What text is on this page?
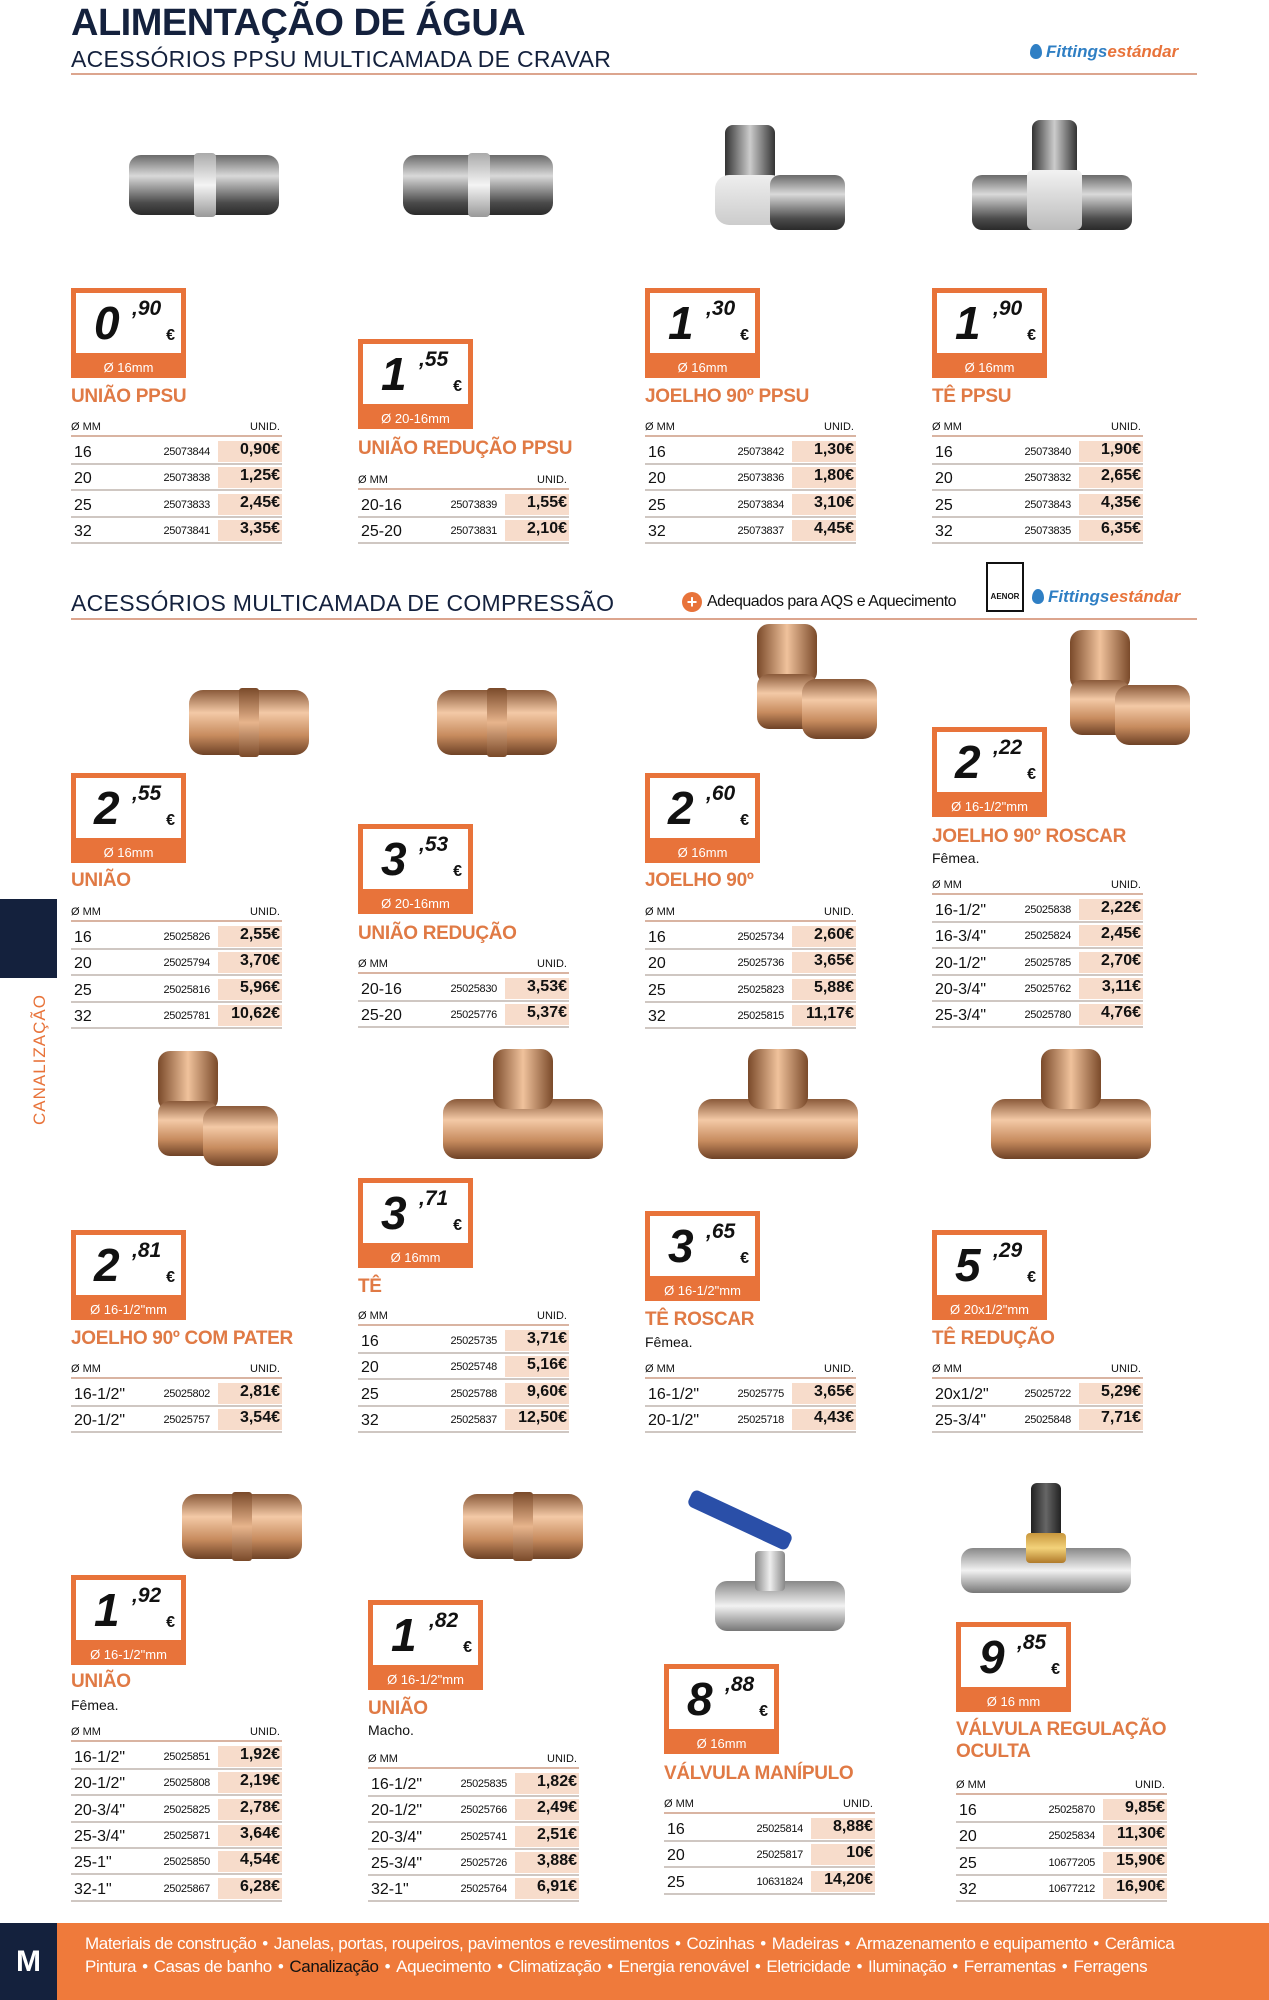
ALIMENTAÇÃO DE ÁGUA
ACESSÓRIOS PPSU MULTICAMADA DE CRAVAR	Fittingsestándar
ACESSÓRIOS MULTICAMADA DE COMPRESSÃO	+ Adequados para AQS e Aquecimento	AENOR	Fittingsestándar
CANALIZAÇÃO
0 ,90
€
Ø 16mm
UNIÃO PPSU
Ø MM	UNID.
16	25073844	0,90€
20	25073838	1,25€
25	25073833	2,45€
32	25073841	3,35€
1 ,55
€
Ø 20-16mm
UNIÃO REDUÇÃO PPSU
Ø MM	UNID.
20-16	25073839	1,55€
25-20	25073831	2,10€
1 ,30
€
Ø 16mm
JOELHO 90º PPSU
Ø MM	UNID.
16	25073842	1,30€
20	25073836	1,80€
25	25073834	3,10€
32	25073837	4,45€
1 ,90
€
Ø 16mm
TÊ PPSU
Ø MM	UNID.
16	25073840	1,90€
20	25073832	2,65€
25	25073843	4,35€
32	25073835	6,35€
2 ,55
€
Ø 16mm
UNIÃO
Ø MM	UNID.
16	25025826	2,55€
20	25025794	3,70€
25	25025816	5,96€
32	25025781	10,62€
3 ,53
€
Ø 20-16mm
UNIÃO REDUÇÃO
Ø MM	UNID.
20-16	25025830	3,53€
25-20	25025776	5,37€
2 ,60
€
Ø 16mm
JOELHO 90º
Ø MM	UNID.
16	25025734	2,60€
20	25025736	3,65€
25	25025823	5,88€
32	25025815	11,17€
2 ,22
€
Ø 16-1/2"mm
JOELHO 90º ROSCAR
Fêmea.
Ø MM	UNID.
16-1/2"	25025838	2,22€
16-3/4"	25025824	2,45€
20-1/2"	25025785	2,70€
20-3/4"	25025762	3,11€
25-3/4"	25025780	4,76€
2 ,81
€
Ø 16-1/2"mm
JOELHO 90º COM PATER
Ø MM	UNID.
16-1/2"	25025802	2,81€
20-1/2"	25025757	3,54€
3 ,71
€
Ø 16mm
TÊ
Ø MM	UNID.
16	25025735	3,71€
20	25025748	5,16€
25	25025788	9,60€
32	25025837	12,50€
3 ,65
€
Ø 16-1/2"mm
TÊ ROSCAR
Fêmea.
Ø MM	UNID.
16-1/2"	25025775	3,65€
20-1/2"	25025718	4,43€
5 ,29
€
Ø 20x1/2"mm
TÊ REDUÇÃO
Ø MM	UNID.
20x1/2"	25025722	5,29€
25-3/4"	25025848	7,71€
1 ,92
€
Ø 16-1/2"mm
UNIÃO
Fêmea.
Ø MM	UNID.
16-1/2"	25025851	1,92€
20-1/2"	25025808	2,19€
20-3/4"	25025825	2,78€
25-3/4"	25025871	3,64€
25-1"	25025850	4,54€
32-1"	25025867	6,28€
1 ,82
€
Ø 16-1/2"mm
UNIÃO
Macho.
Ø MM	UNID.
16-1/2"	25025835	1,82€
20-1/2"	25025766	2,49€
20-3/4"	25025741	2,51€
25-3/4"	25025726	3,88€
32-1"	25025764	6,91€
8 ,88
€
Ø 16mm
VÁLVULA MANÍPULO
Ø MM	UNID.
16	25025814	8,88€
20	25025817	10€
25	10631824	14,20€
9 ,85
€
Ø 16 mm
VÁLVULA REGULAÇÃO OCULTA
Ø MM	UNID.
16	25025870	9,85€
20	25025834	11,30€
25	10677205	15,90€
32	10677212	16,90€
M
Materiais de construção • Janelas, portas, roupeiros, pavimentos e revestimentos • Cozinhas • Madeiras • Armazenamento e equipamento • Cerâmica
Pintura • Casas de banho • Canalização • Aquecimento • Climatização • Energia renovável • Eletricidade • Iluminação • Ferramentas • Ferragens
